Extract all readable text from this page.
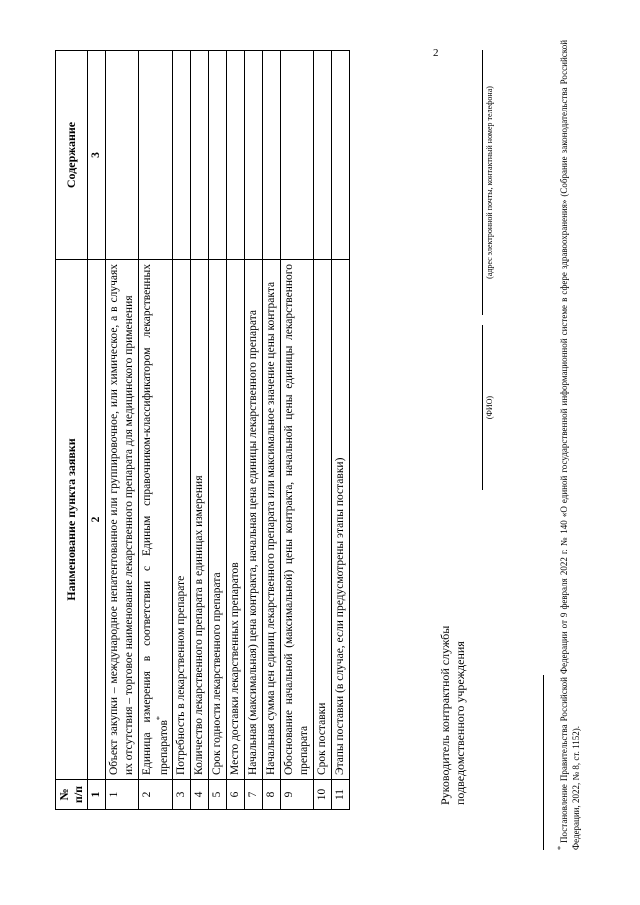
2
№ п/п	Наименование пункта заявки	Содержание
1	2	3
1	Объект закупки – международное непатентованное или группировочное, или химическое, а в случаях их отсутствия – торговое наименование лекарственного препарата для медицинского применения	
2	Единица измерения в соответствии с Единым справочником-классификатором лекарственных препаратов*	
3	Потребность в лекарственном препарате	
4	Количество лекарственного препарата в единицах измерения	
5	Срок годности лекарственного препарата	
6	Место доставки лекарственных препаратов	
7	Начальная (максимальная) цена контракта, начальная цена единицы лекарственного препарата	
8	Начальная сумма цен единиц лекарственного препарата или максимальное значение цены контракта	
9	Обоснование начальной (максимальной) цены контракта, начальной цены единицы лекарственного препарата	
10	Срок поставки	
11	Этапы поставки (в случае, если предусмотрены этапы поставки)		Руководитель контрактной службы подведомственного учреждения
(ФИО)
(адрес электронной почты, контактный номер телефона)
* Постановление Правительства Российской Федерации от 9 февраля 2022 г. № 140 «О единой государственной информационной системе в сфере здравоохранения» (Собрание законодательства Российской Федерации, 2022, № 8, ст. 1152).
